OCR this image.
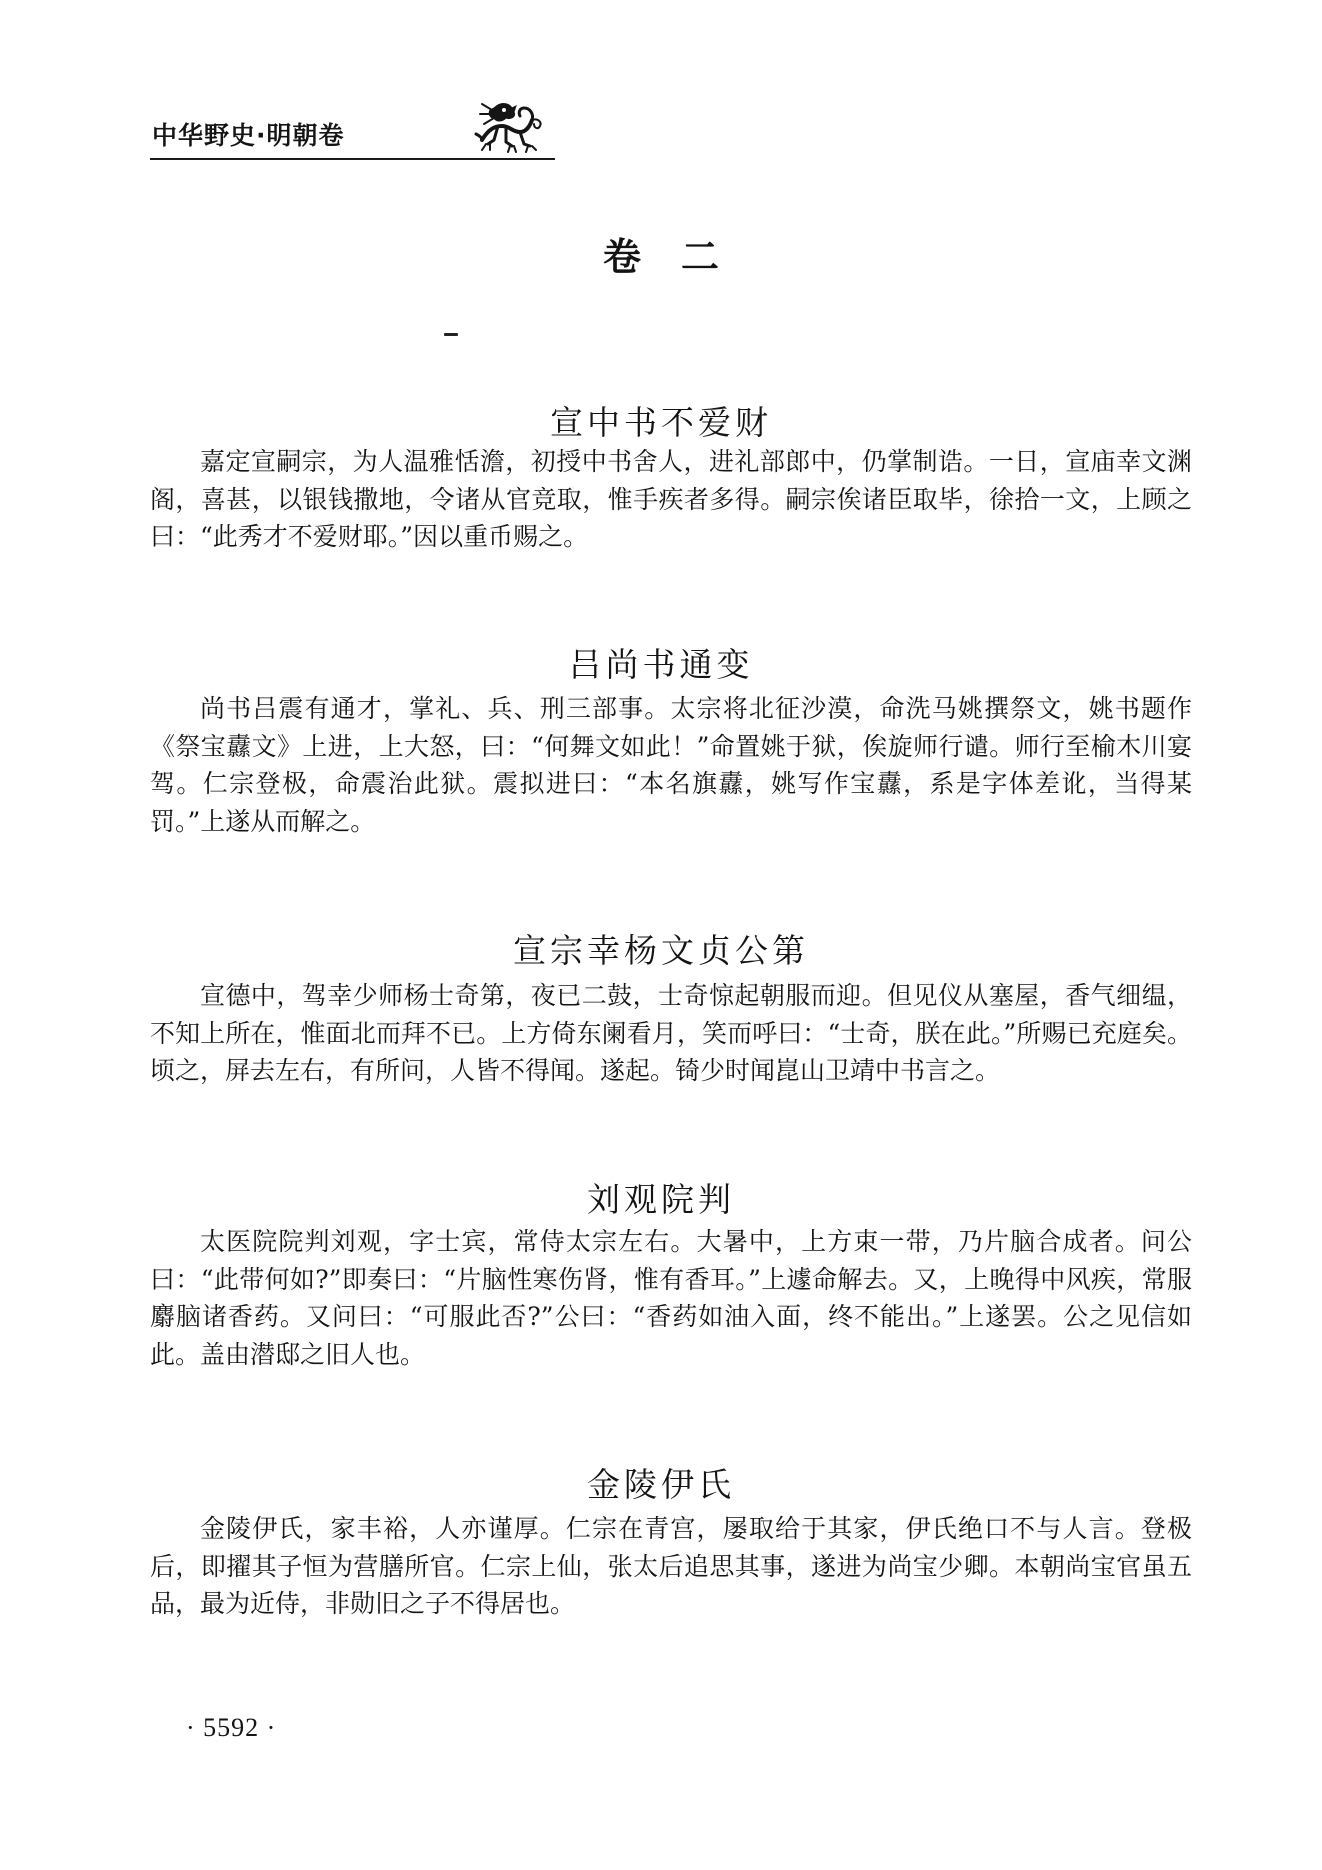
中华野史·明朝卷
卷二
宣中书不爱财

嘉定宣嗣宗，为人温雅恬澹，初授中书舍人，进礼部郎中，仍掌制诰。一日，宣庙幸文渊阁，喜甚，以银钱撒地，令诸从官竞取，惟手疾者多得。嗣宗俟诸臣取毕，徐拾一文，上顾之曰：“此秀才不爱财耶。”因以重币赐之。

吕尚书通变

尚书吕震有通才，掌礼、兵、刑三部事。太宗将北征沙漠，命洗马姚撰祭文，姚书题作《祭宝纛文》上进，上大怒，曰：“何舞文如此！”命置姚于狱，俟旋师行谴。师行至榆木川宴驾。仁宗登极，命震治此狱。震拟进曰：“本名旗纛，姚写作宝纛，系是字体差讹，当得某罚。”上遂从而解之。

宣宗幸杨文贞公第

宣德中，驾幸少师杨士奇第，夜已二鼓，士奇惊起朝服而迎。但见仪从塞屋，香气细缊，不知上所在，惟面北而拜不已。上方倚东阑看月，笑而呼曰：“士奇，朕在此。”所赐已充庭矣。顷之，屏去左右，有所问，人皆不得闻。遂起。锜少时闻崑山卫靖中书言之。

刘观院判

太医院院判刘观，字士宾，常侍太宗左右。大暑中，上方束一带，乃片脑合成者。问公曰：“此带何如?”即奏曰：“片脑性寒伤肾，惟有香耳。”上遽命解去。又，上晚得中风疾，常服麝脑诸香药。又问曰：“可服此否?”公曰：“香药如油入面，终不能出。”上遂罢。公之见信如此。盖由潜邸之旧人也。

金陵伊氏

金陵伊氏，家丰裕，人亦谨厚。仁宗在青宫，屡取给于其家，伊氏绝口不与人言。登极后，即擢其子恒为营膳所官。仁宗上仙，张太后追思其事，遂进为尚宝少卿。本朝尚宝官虽五品，最为近侍，非勋旧之子不得居也。

· 5592 ·
